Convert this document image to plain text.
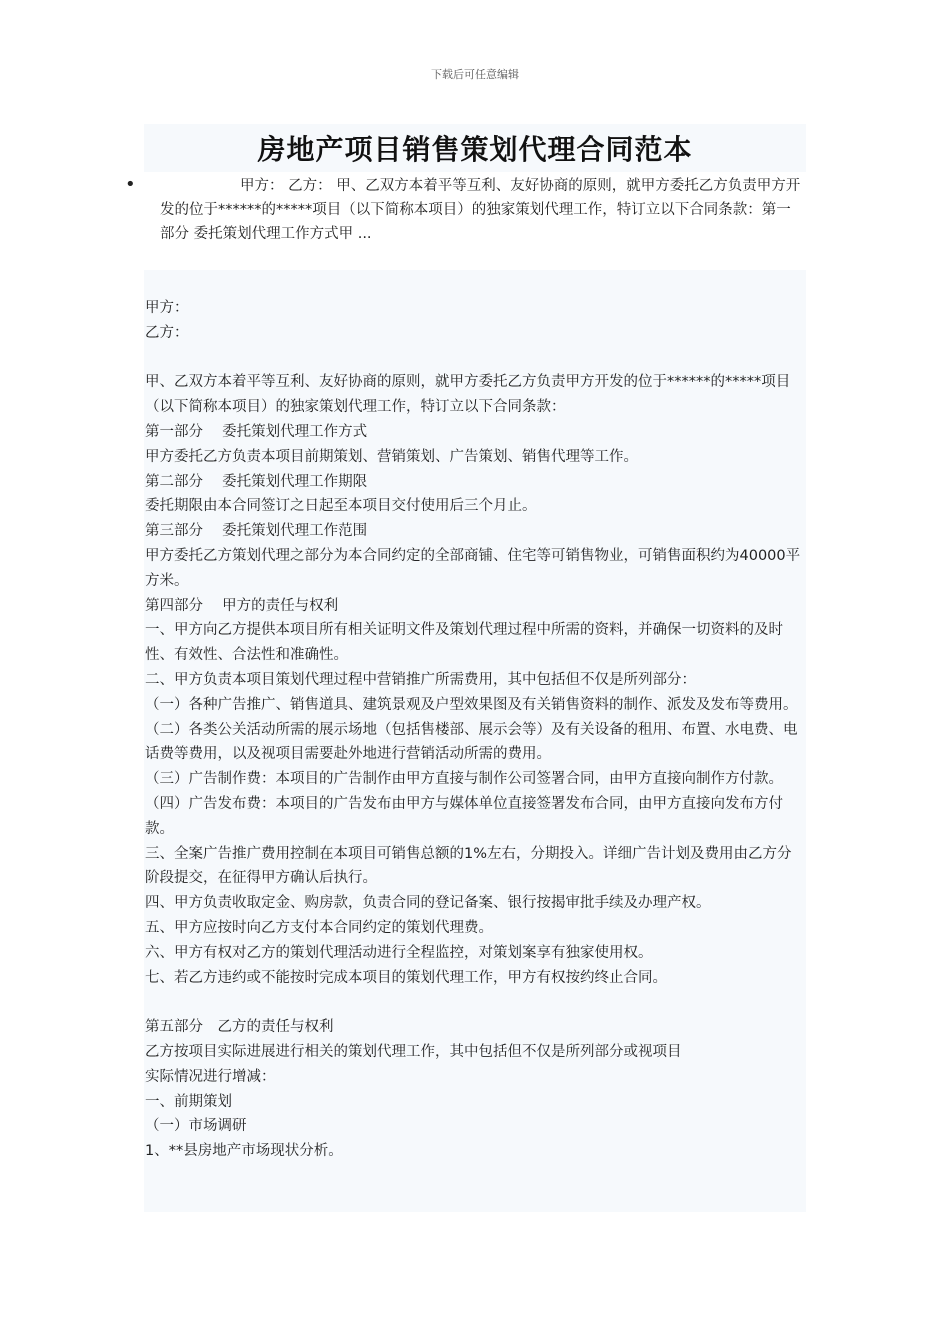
下载后可任意编辑
房地产项目销售策划代理合同范本
•	甲方： 乙方： 甲、乙双方本着平等互利、友好协商的原则，就甲方委托乙方负责甲方开发的位于******的*****项目（以下简称本项目）的独家策划代理工作，特订立以下合同条款：第一部分 委托策划代理工作方式甲 ...

甲方：

乙方：

甲、乙双方本着平等互利、友好协商的原则，就甲方委托乙方负责甲方开发的位于******的*****项目（以下简称本项目）的独家策划代理工作，特订立以下合同条款：

第一部分　 委托策划代理工作方式

甲方委托乙方负责本项目前期策划、营销策划、广告策划、销售代理等工作。

第二部分　 委托策划代理工作期限

委托期限由本合同签订之日起至本项目交付使用后三个月止。

第三部分　 委托策划代理工作范围

甲方委托乙方策划代理之部分为本合同约定的全部商铺、住宅等可销售物业，可销售面积约为40000平方米。

第四部分　 甲方的责任与权利

一、甲方向乙方提供本项目所有相关证明文件及策划代理过程中所需的资料，并确保一切资料的及时性、有效性、合法性和准确性。

二、甲方负责本项目策划代理过程中营销推广所需费用，其中包括但不仅是所列部分：

（一）各种广告推广、销售道具、建筑景观及户型效果图及有关销售资料的制作、派发及发布等费用。

（二）各类公关活动所需的展示场地（包括售楼部、展示会等）及有关设备的租用、布置、水电费、电话费等费用，以及视项目需要赴外地进行营销活动所需的费用。

（三）广告制作费：本项目的广告制作由甲方直接与制作公司签署合同，由甲方直接向制作方付款。

（四）广告发布费：本项目的广告发布由甲方与媒体单位直接签署发布合同，由甲方直接向发布方付款。

三、全案广告推广费用控制在本项目可销售总额的1%左右，分期投入。详细广告计划及费用由乙方分阶段提交，在征得甲方确认后执行。

四、甲方负责收取定金、购房款，负责合同的登记备案、银行按揭审批手续及办理产权。

五、甲方应按时向乙方支付本合同约定的策划代理费。

六、甲方有权对乙方的策划代理活动进行全程监控，对策划案享有独家使用权。

七、若乙方违约或不能按时完成本项目的策划代理工作，甲方有权按约终止合同。

第五部分　乙方的责任与权利

乙方按项目实际进展进行相关的策划代理工作，其中包括但不仅是所列部分或视项目

实际情况进行增减：

一、前期策划

（一）市场调研

1、**县房地产市场现状分析。
